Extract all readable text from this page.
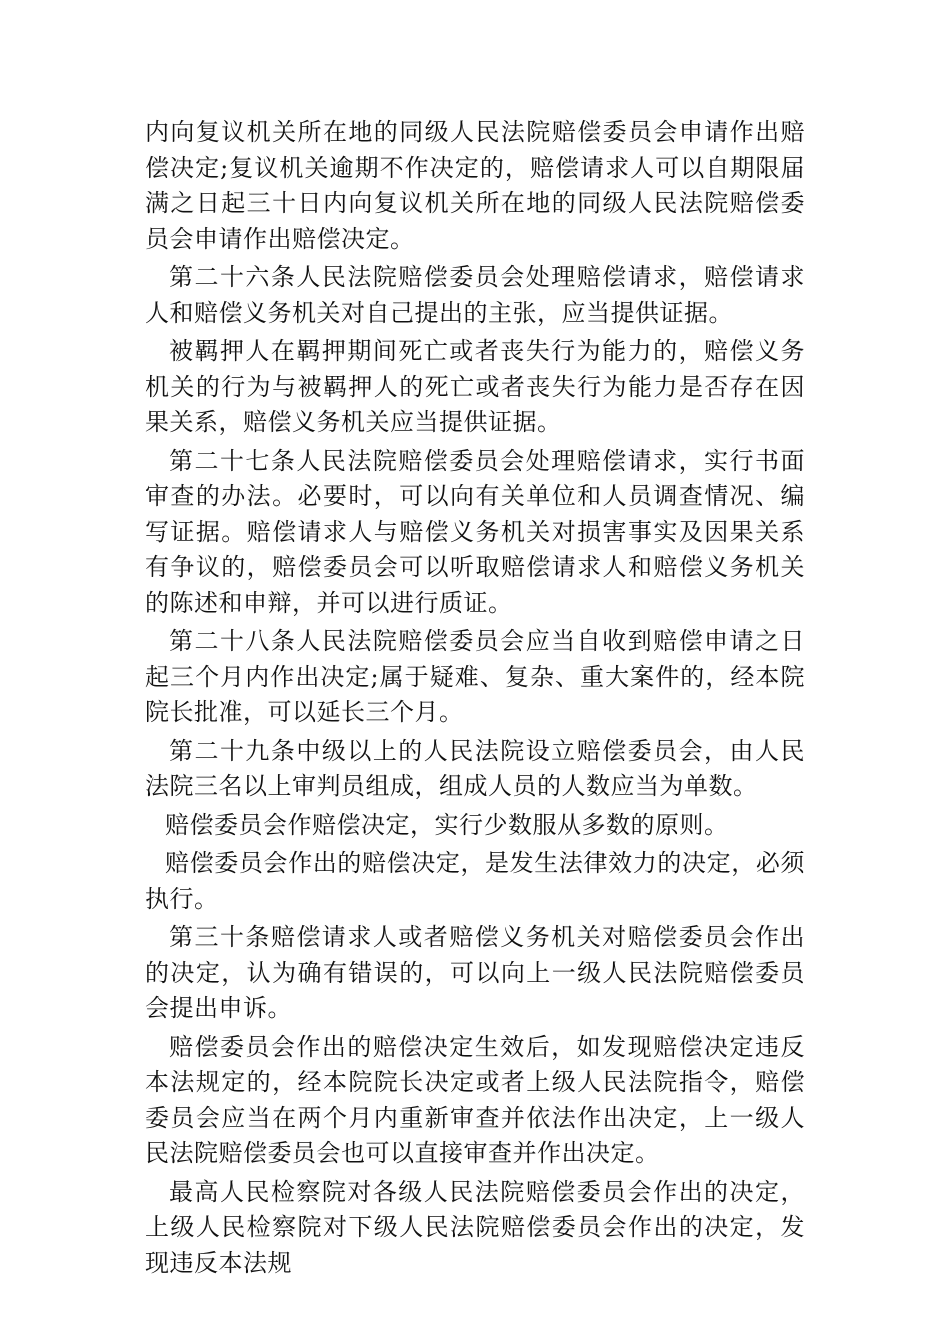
内向复议机关所在地的同级人民法院赔偿委员会申请作出赔偿决定;复议机关逾期不作决定的，赔偿请求人可以自期限届满之日起三十日内向复议机关所在地的同级人民法院赔偿委员会申请作出赔偿决定。

第二十六条人民法院赔偿委员会处理赔偿请求，赔偿请求人和赔偿义务机关对自己提出的主张，应当提供证据。

被羁押人在羁押期间死亡或者丧失行为能力的，赔偿义务机关的行为与被羁押人的死亡或者丧失行为能力是否存在因果关系，赔偿义务机关应当提供证据。

第二十七条人民法院赔偿委员会处理赔偿请求，实行书面审查的办法。必要时，可以向有关单位和人员调查情况、编写证据。赔偿请求人与赔偿义务机关对损害事实及因果关系有争议的，赔偿委员会可以听取赔偿请求人和赔偿义务机关的陈述和申辩，并可以进行质证。

第二十八条人民法院赔偿委员会应当自收到赔偿申请之日起三个月内作出决定;属于疑难、复杂、重大案件的，经本院院长批准，可以延长三个月。

第二十九条中级以上的人民法院设立赔偿委员会，由人民法院三名以上审判员组成，组成人员的人数应当为单数。

赔偿委员会作赔偿决定，实行少数服从多数的原则。

赔偿委员会作出的赔偿决定，是发生法律效力的决定，必须执行。

第三十条赔偿请求人或者赔偿义务机关对赔偿委员会作出的决定，认为确有错误的，可以向上一级人民法院赔偿委员会提出申诉。

赔偿委员会作出的赔偿决定生效后，如发现赔偿决定违反本法规定的，经本院院长决定或者上级人民法院指令，赔偿委员会应当在两个月内重新审查并依法作出决定，上一级人民法院赔偿委员会也可以直接审查并作出决定。

最高人民检察院对各级人民法院赔偿委员会作出的决定，上级人民检察院对下级人民法院赔偿委员会作出的决定，发现违反本法规
